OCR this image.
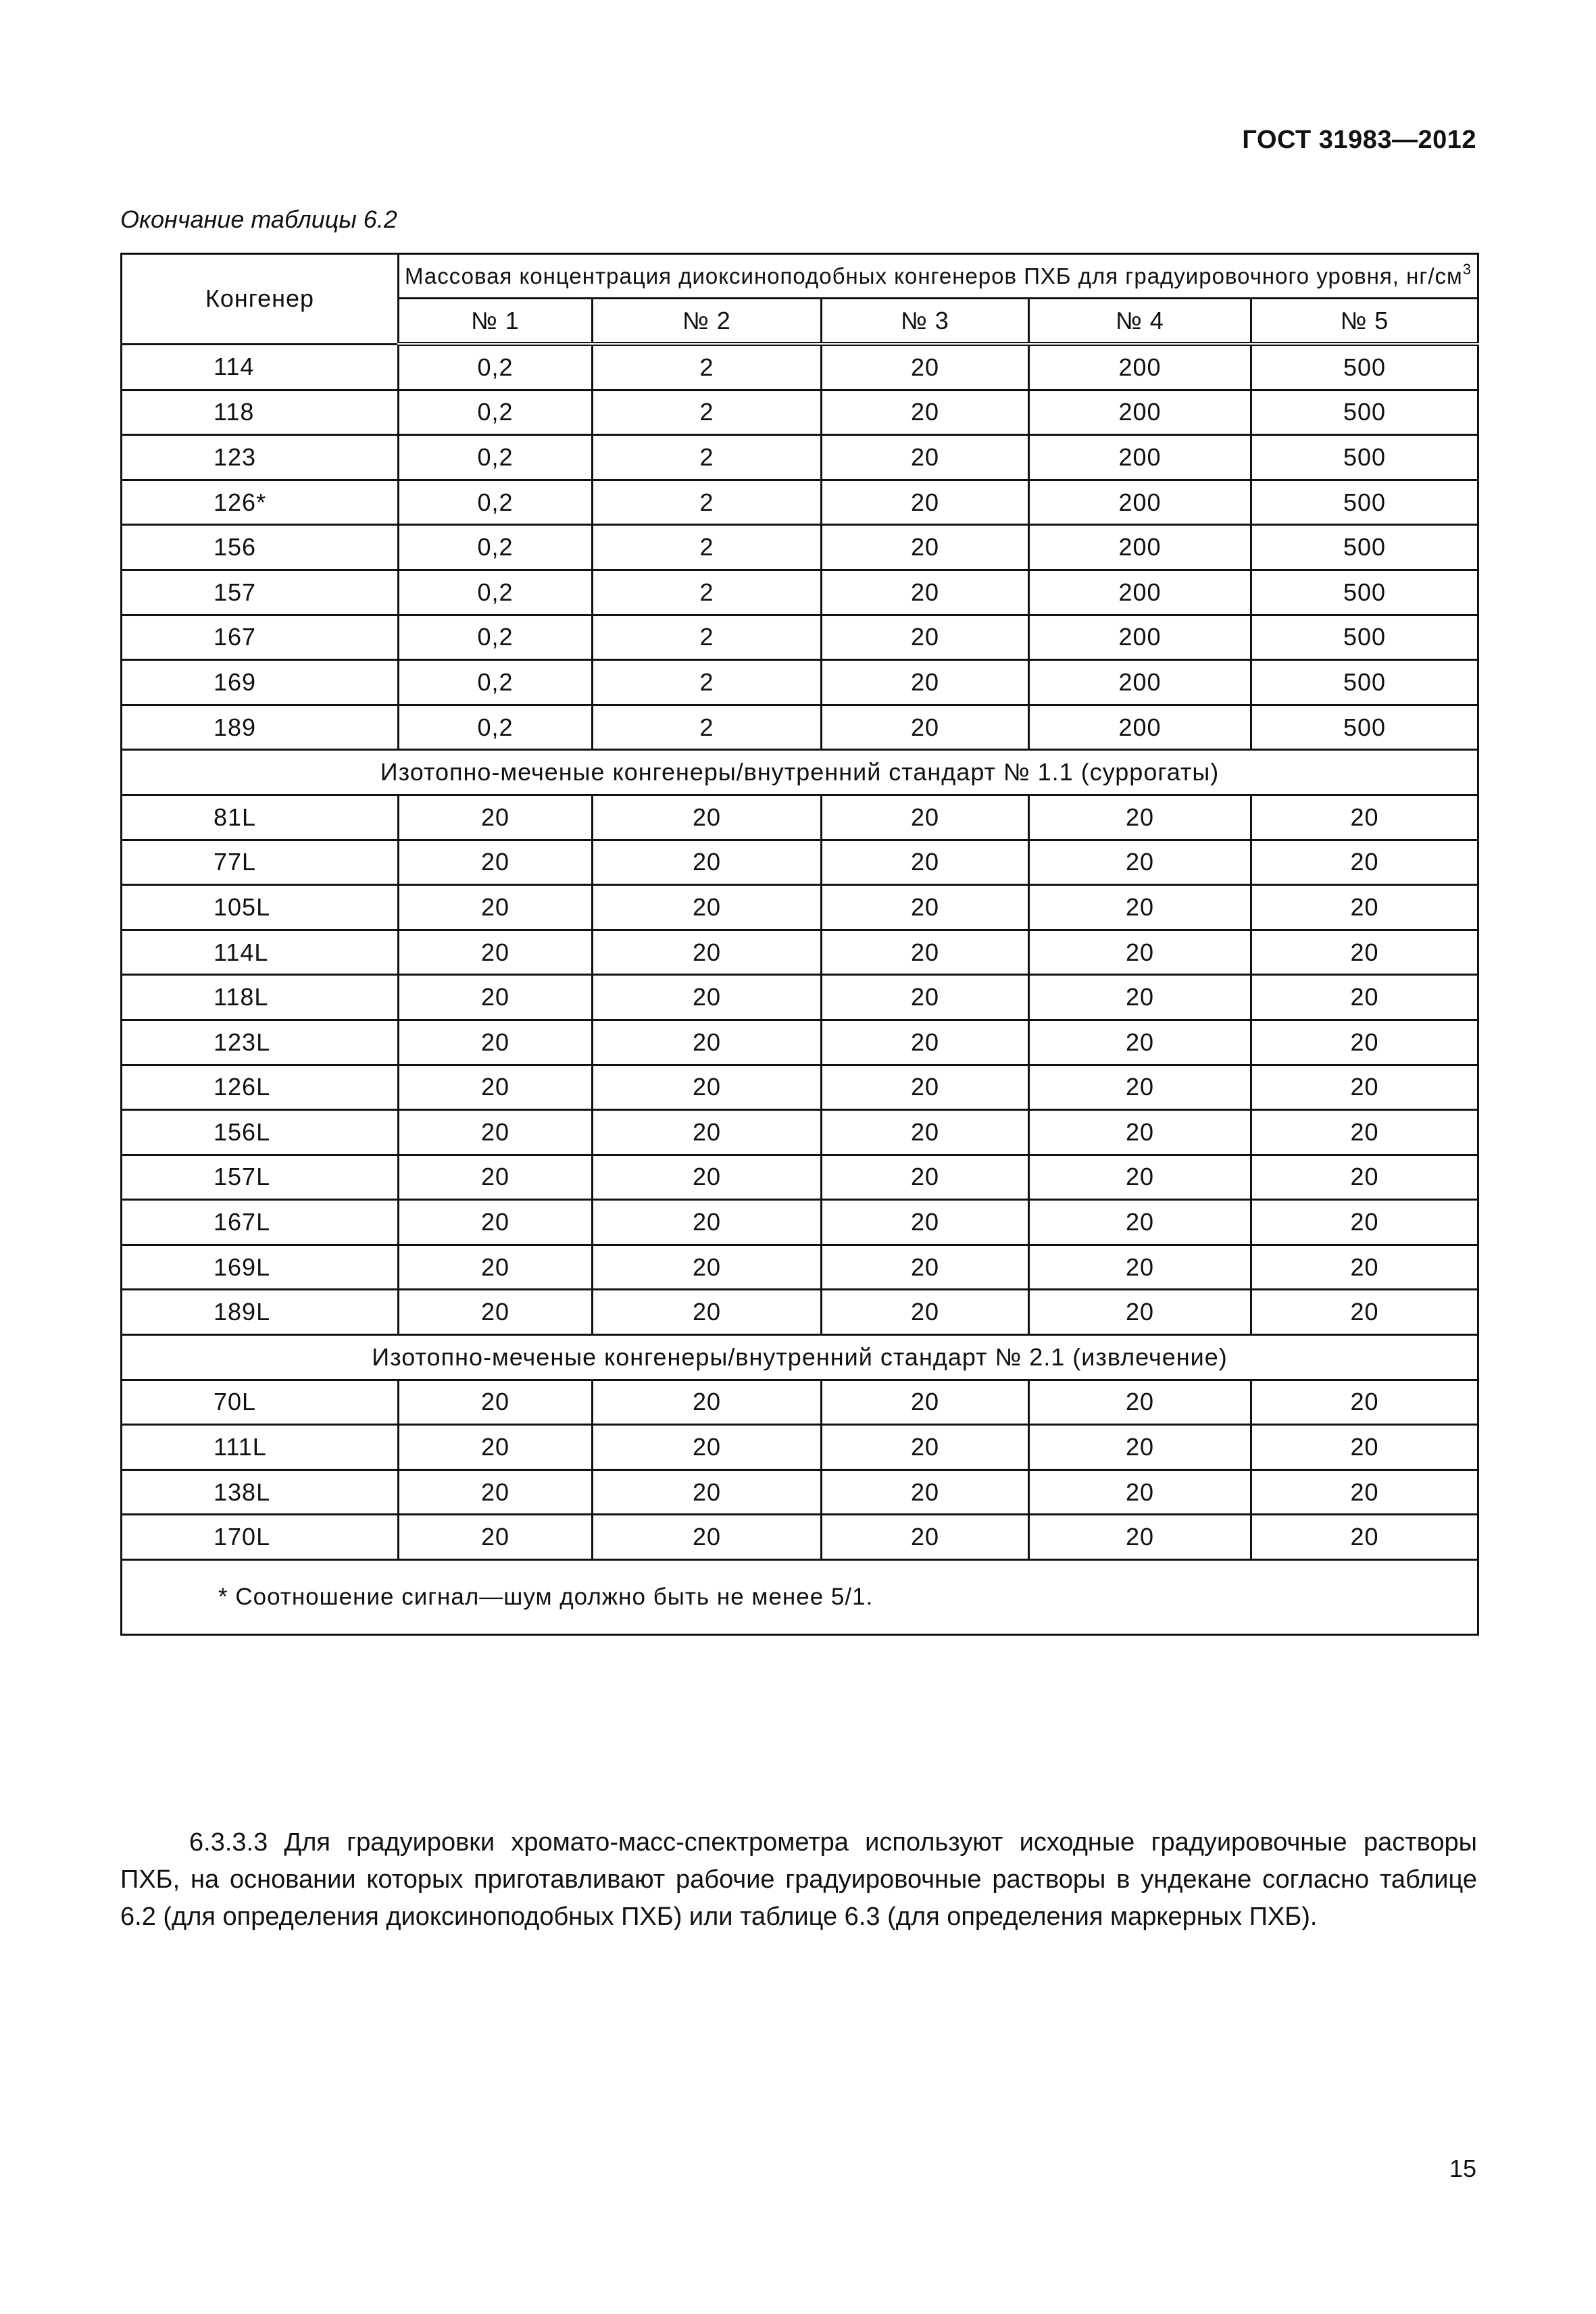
ГОСТ 31983—2012
Окончание таблицы 6.2
Конгенер	Массовая концентрация диоксиноподобных конгенеров ПХБ для градуировочного уровня, $нг/см^3$
	№ 1	№ 2	№ 3	№ 4	№ 5
114	0,2	2	20	200	500
118	0,2	2	20	200	500
123	0,2	2	20	200	500
126*	0,2	2	20	200	500
156	0,2	2	20	200	500
157	0,2	2	20	200	500
167	0,2	2	20	200	500
169	0,2	2	20	200	500
189	0,2	2	20	200	500
Изотопно-меченые конгенеры/внутренний стандарт № 1.1 (суррогаты)					
81L	20	20	20	20	20
77L	20	20	20	20	20
105L	20	20	20	20	20
114L	20	20	20	20	20
118L	20	20	20	20	20
123L	20	20	20	20	20
126L	20	20	20	20	20
156L	20	20	20	20	20
157L	20	20	20	20	20
167L	20	20	20	20	20
169L	20	20	20	20	20
189L	20	20	20	20	20
Изотопно-меченые конгенеры/внутренний стандарт № 2.1 (извлечение)					
70L	20	20	20	20	20
111L	20	20	20	20	20
138L	20	20	20	20	20
170L	20	20	20	20	20
* Соотношение сигнал—шум должно быть не менее 5/1.					

6.3.3.3 Для градуировки хромато-масс-спектрометра используют исходные градуировочные растворы ПХБ, на основании которых приготавливают рабочие градуировочные растворы в ундекане согласно таблице 6.2 (для определения диоксиноподобных ПХБ) или таблице 6.3 (для определения маркерных ПХБ).

15
